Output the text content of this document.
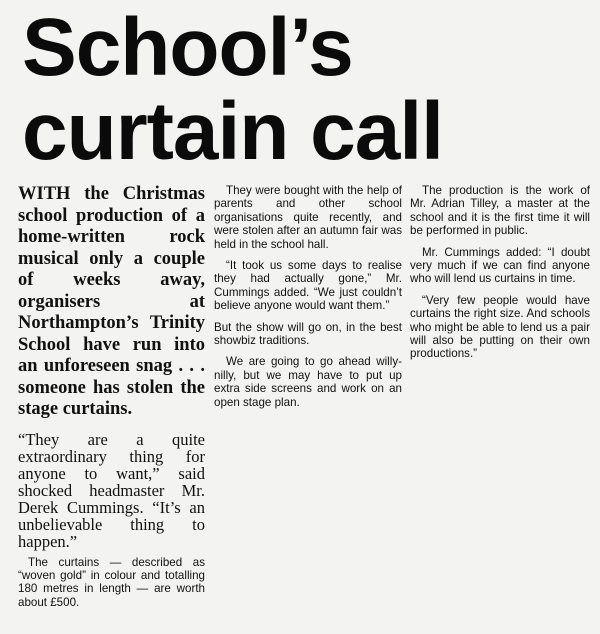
School’s
curtain call

WITH the Christmas school production of a home-written rock musical only a couple of weeks away, organisers at Northampton’s Trinity School have run into an unforeseen snag . . . someone has stolen the stage curtains.

“They are a quite extraordinary thing for anyone to want,” said shocked headmaster Mr. Derek Cummings. “It’s an unbelievable thing to happen.”

The curtains — described as “woven gold” in colour and totalling 180 metres in length — are worth about £500.

They were bought with the help of parents and other school organisations quite recently, and were stolen after an autumn fair was held in the school hall.

“It took us some days to realise they had actually gone,” Mr. Cummings added. “We just couldn’t believe anyone would want them.”

But the show will go on, in the best showbiz traditions.

We are going to go ahead willy-nilly, but we may have to put up extra side screens and work on an open stage plan.

The production is the work of Mr. Adrian Tilley, a master at the school and it is the first time it will be performed in public.

Mr. Cummings added: “I doubt very much if we can find anyone who will lend us curtains in time.

“Very few people would have curtains the right size. And schools who might be able to lend us a pair will also be putting on their own productions.”
